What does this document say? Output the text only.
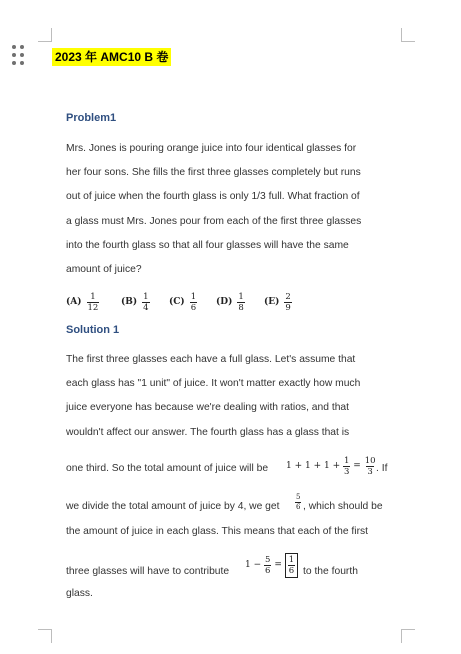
2023 年 AMC10 B 卷
Problem1
Mrs. Jones is pouring orange juice into four identical glasses for
her four sons. She fills the first three glasses completely but runs
out of juice when the fourth glass is only 1/3 full. What fraction of
a glass must Mrs. Jones pour from each of the first three glasses
into the fourth glass so that all four glasses will have the same
amount of juice?
$(A) \frac{1}{12} (B) \frac{1}{4} (C) \frac{1}{6} (D) \frac{1}{8} (E) \frac{2}{9}$
Solution 1
The first three glasses each have a full glass. Let's assume that
each glass has "1 unit" of juice. It won't matter exactly how much
juice everyone has because we're dealing with ratios, and that
wouldn't affect our answer. The fourth glass has a glass that is
one third. So the total amount of juice will be 1 + 1 + 1 +
$\frac{1}{3}$
=
$\frac{10}{3}$ . If
we divide the total amount of juice by 4, we get $\frac{5}{6}$ , which should be
the amount of juice in each glass. This means that each of the first
three glasses will have to contribute
1 −
$\frac{5}{6}$
=
$\frac{1}{6}$ to the fourth
glass.
